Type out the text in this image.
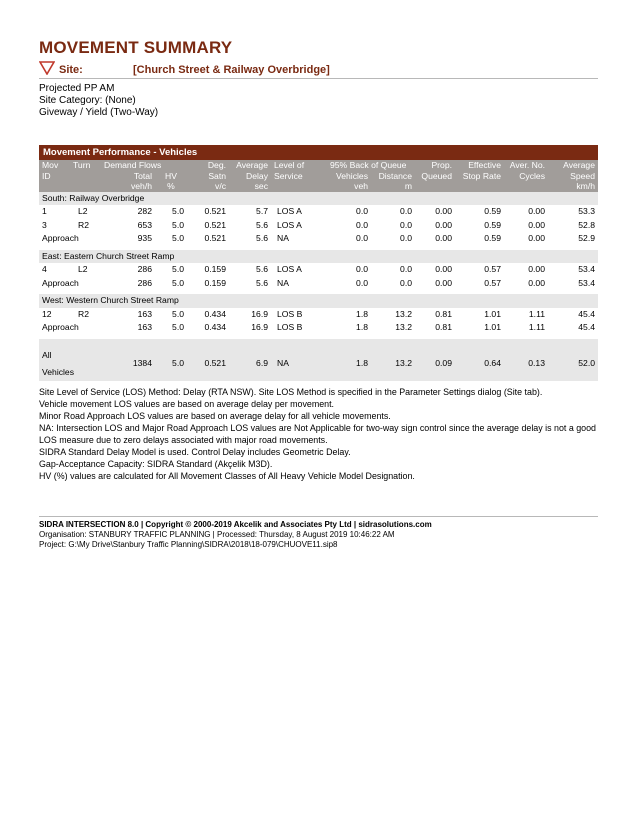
MOVEMENT SUMMARY
Site:	[Church Street & Railway Overbridge]
Projected PP AM
Site Category: (None)
Giveway / Yield (Two-Way)
Movement Performance - Vehicles
Mov	Turn	Demand Flows		Deg.	Average	Level of	95% Back of Queue		Prop.	Effective	Aver. No.	Average
ID		Total	HV	Satn	Delay	Service	Vehicles	Distance	Queued	Stop Rate	Cycles	Speed
		veh/h	%	v/c	sec		veh	m				km/h
South: Railway Overbridge												
1	L2	282	5.0	0.521	5.7	LOS A	0.0	0.0	0.00	0.59	0.00	53.3
3	R2	653	5.0	0.521	5.6	LOS A	0.0	0.0	0.00	0.59	0.00	52.8
Approach		935	5.0	0.521	5.6	NA	0.0	0.0	0.00	0.59	0.00	52.9

East: Eastern Church Street Ramp												
4	L2	286	5.0	0.159	5.6	LOS A	0.0	0.0	0.00	0.57	0.00	53.4
Approach		286	5.0	0.159	5.6	NA	0.0	0.0	0.00	0.57	0.00	53.4

West: Western Church Street Ramp												
12	R2	163	5.0	0.434	16.9	LOS B	1.8	13.2	0.81	1.01	1.11	45.4
Approach		163	5.0	0.434	16.9	LOS B	1.8	13.2	0.81	1.01	1.11	45.4

All Vehicles		1384	5.0	0.521	6.9	NA	1.8	13.2	0.09	0.64	0.13	52.0

Site Level of Service (LOS) Method: Delay (RTA NSW). Site LOS Method is specified in the Parameter Settings dialog (Site tab).

Vehicle movement LOS values are based on average delay per movement.

Minor Road Approach LOS values are based on average delay for all vehicle movements.

NA: Intersection LOS and Major Road Approach LOS values are Not Applicable for two-way sign control since the average delay is not a good LOS measure due to zero delays associated with major road movements.

SIDRA Standard Delay Model is used. Control Delay includes Geometric Delay.

Gap-Acceptance Capacity: SIDRA Standard (Akçelik M3D).

HV (%) values are calculated for All Movement Classes of All Heavy Vehicle Model Designation.

SIDRA INTERSECTION 8.0 | Copyright © 2000-2019 Akcelik and Associates Pty Ltd | sidrasolutions.com
Organisation: STANBURY TRAFFIC PLANNING | Processed: Thursday, 8 August 2019 10:46:22 AM
Project: G:\My Drive\Stanbury Traffic Planning\SIDRA\2018\18-079\CHUOVE11.sip8
